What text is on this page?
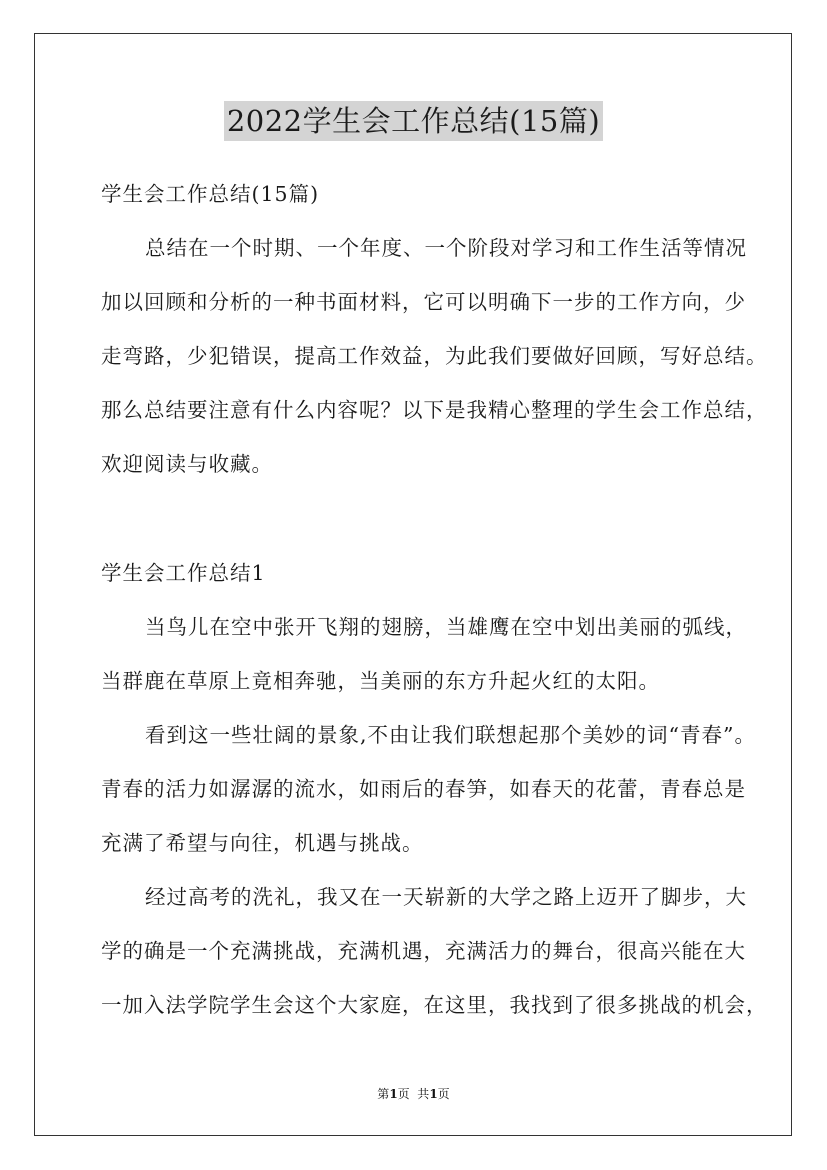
2022学生会工作总结(15篇)
学生会工作总结(15篇)
总结在一个时期、一个年度、一个阶段对学习和工作生活等情况
加以回顾和分析的一种书面材料，它可以明确下一步的工作方向，少
走弯路，少犯错误，提高工作效益，为此我们要做好回顾，写好总结。
那么总结要注意有什么内容呢？以下是我精心整理的学生会工作总结，
欢迎阅读与收藏。
学生会工作总结1
当鸟儿在空中张开飞翔的翅膀，当雄鹰在空中划出美丽的弧线，
当群鹿在草原上竟相奔驰，当美丽的东方升起火红的太阳。
看到这一些壮阔的景象,不由让我们联想起那个美妙的词“青春”。
青春的活力如潺潺的流水，如雨后的春笋，如春天的花蕾，青春总是
充满了希望与向往，机遇与挑战。
经过高考的洗礼，我又在一天崭新的大学之路上迈开了脚步，大
学的确是一个充满挑战，充满机遇，充满活力的舞台，很高兴能在大
一加入法学院学生会这个大家庭，在这里，我找到了很多挑战的机会，
第1页  共1页
